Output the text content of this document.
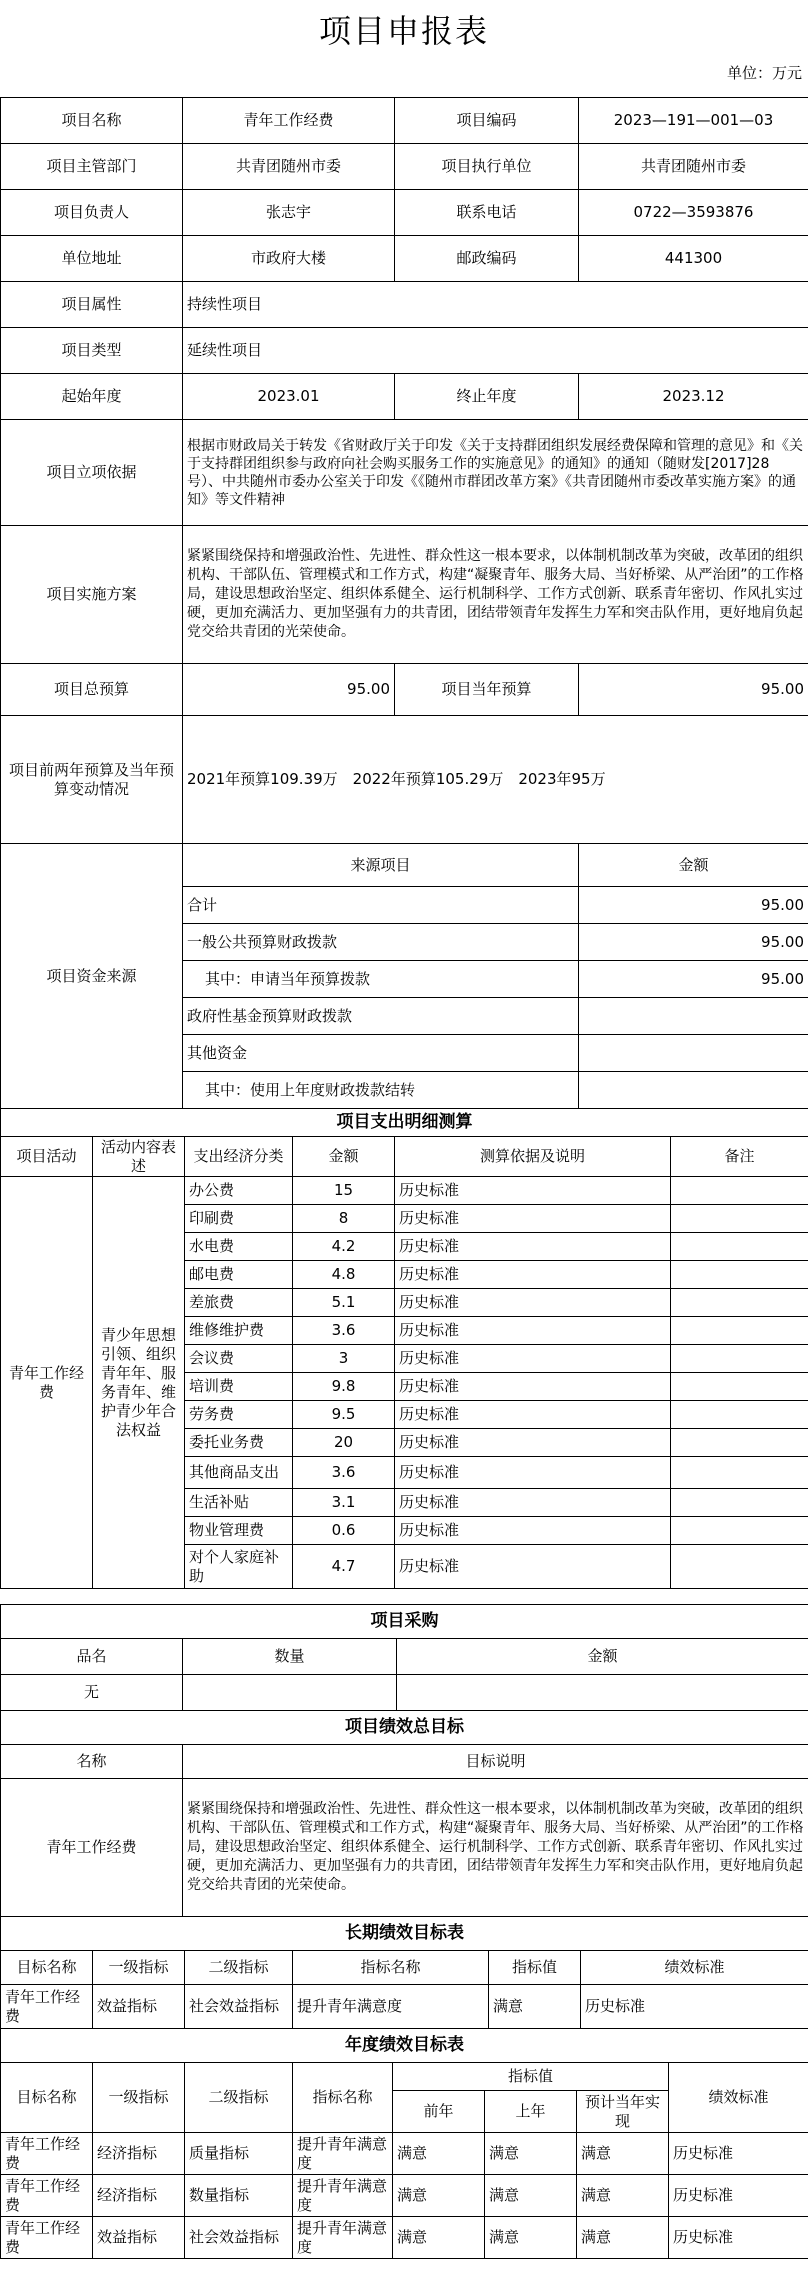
项目申报表
单位：万元
项目名称	青年工作经费	项目编码	2023—191—001—03
项目主管部门	共青团随州市委	项目执行单位	共青团随州市委
项目负责人	张志宇	联系电话	0722—3593876
单位地址	市政府大楼	邮政编码	441300
项目属性	持续性项目		
项目类型	延续性项目		
起始年度	2023.01	终止年度	2023.12
项目立项依据	根据市财政局关于转发《省财政厅关于印发《关于支持群团组织发展经费保障和管理的意见》和《关于支持群团组织参与政府向社会购买服务工作的实施意见》的通知》的通知（随财发[2017]28号）、中共随州市委办公室关于印发《《随州市群团改革方案》《共青团随州市委改革实施方案》的通知》等文件精神		
项目实施方案	紧紧围绕保持和增强政治性、先进性、群众性这一根本要求，以体制机制改革为突破，改革团的组织机构、干部队伍、管理模式和工作方式，构建“凝聚青年、服务大局、当好桥梁、从严治团”的工作格局，建设思想政治坚定、组织体系健全、运行机制科学、工作方式创新、联系青年密切、作风扎实过硬，更加充满活力、更加坚强有力的共青团，团结带领青年发挥生力军和突击队作用，更好地肩负起党交给共青团的光荣使命。		
项目总预算	95.00	项目当年预算	95.00
项目前两年预算及当年预算变动情况	2021年预算109.39万　2022年预算105.29万　2023年95万		
项目资金来源	来源项目	金额
	合计	95.00
	一般公共预算财政拨款	95.00
	其中：申请当年预算拨款	95.00
	政府性基金预算财政拨款	
	其他资金	
	其中：使用上年度财政拨款结转	
项目支出明细测算					
项目活动	活动内容表述	支出经济分类	金额	测算依据及说明	备注
青年工作经费	青少年思想引领、组织青年年、服务青年、维护青少年合法权益	办公费	15	历史标准	
		印刷费	8	历史标准	
		水电费	4.2	历史标准	
		邮电费	4.8	历史标准	
		差旅费	5.1	历史标准	
		维修维护费	3.6	历史标准	
		会议费	3	历史标准	
		培训费	9.8	历史标准	
		劳务费	9.5	历史标准	
		委托业务费	20	历史标准	
		其他商品支出	3.6	历史标准	
		生活补贴	3.1	历史标准	
		物业管理费	0.6	历史标准	
		对个人家庭补助	4.7	历史标准	
项目采购		
品名	数量	金额
无		
项目绩效总目标	
名称	目标说明
青年工作经费	紧紧围绕保持和增强政治性、先进性、群众性这一根本要求，以体制机制改革为突破，改革团的组织机构、干部队伍、管理模式和工作方式，构建“凝聚青年、服务大局、当好桥梁、从严治团”的工作格局，建设思想政治坚定、组织体系健全、运行机制科学、工作方式创新、联系青年密切、作风扎实过硬，更加充满活力、更加坚强有力的共青团，团结带领青年发挥生力军和突击队作用，更好地肩负起党交给共青团的光荣使命。
长期绩效目标表					
目标名称	一级指标	二级指标	指标名称	指标值	绩效标准
青年工作经费	效益指标	社会效益指标	提升青年满意度	满意	历史标准
年度绩效目标表							
目标名称	一级指标	二级指标	指标名称	指标值			绩效标准
				前年	上年	预计当年实现	
青年工作经费	经济指标	质量指标	提升青年满意度	满意	满意	满意	历史标准
青年工作经费	经济指标	数量指标	提升青年满意度	满意	满意	满意	历史标准
青年工作经费	效益指标	社会效益指标	提升青年满意度	满意	满意	满意	历史标准
